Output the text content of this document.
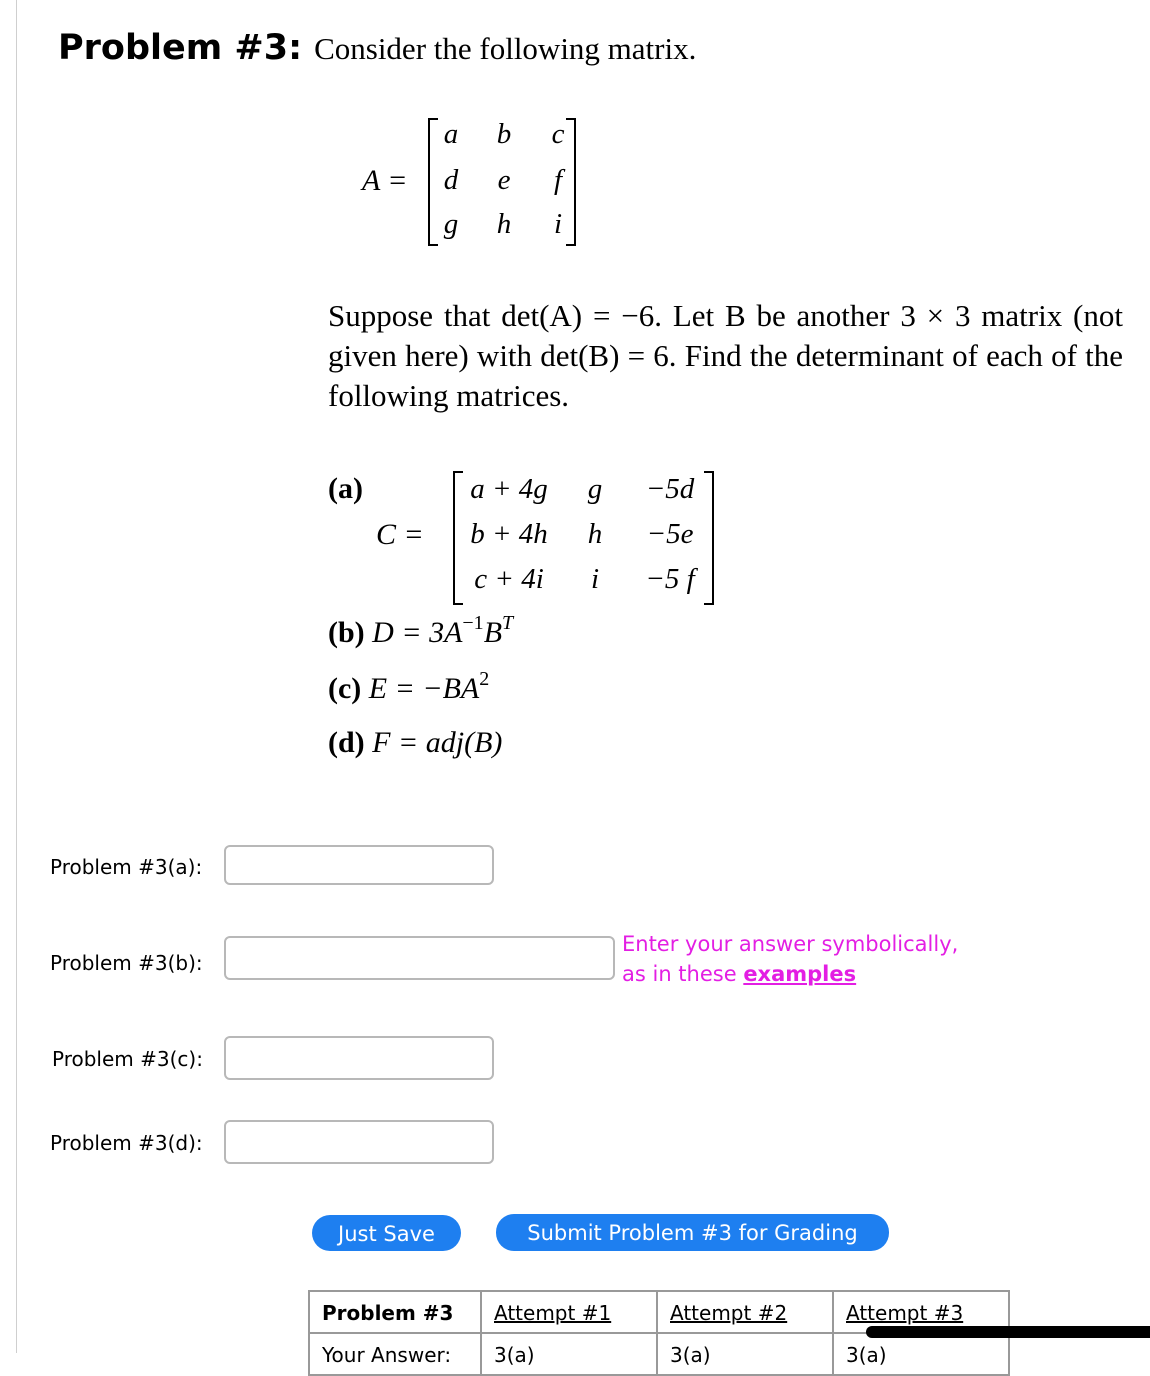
Problem #3: Consider the following matrix.
A =
a b c
d e	f
g h	i
Suppose that det(A) = −6. Let B be another 3 × 3 matrix (not given here) with det(B) = 6. Find the determinant of each of the following matrices.
(a)
C =
a + 4g	g	−5d
b + 4h	h	−5e
c + 4i	i	−5 f
(b) $D = 3A^{-1}B^T$
(c) $E = -BA^2$
(d) F = adj(B)
Problem #3(a):
Problem #3(b):
Enter your answer symbolically,
as in these examples
Problem #3(c):
Problem #3(d):
Just Save	Submit Problem #3 for Grading
Problem #3	Attempt #1	Attempt #2	Attempt #3
Your Answer:	3(a)	3(a)	3(a)
